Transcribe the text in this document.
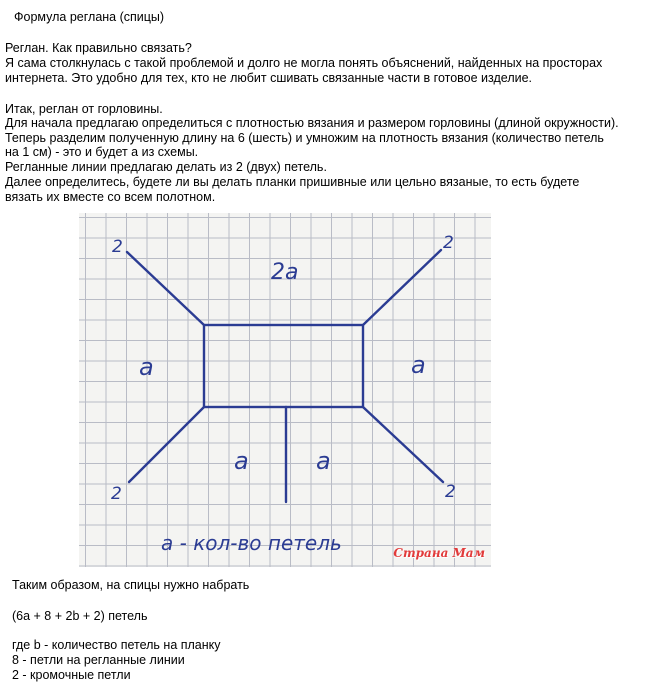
Формула реглана (спицы)
Реглан. Как правильно связать?
Я сама столкнулась с такой проблемой и долго не могла понять объяснений, найденных на просторах
интернета. Это удобно для тех, кто не любит сшивать связанные части в готовое изделие.
Итак, реглан от горловины.
Для начала предлагаю определиться с плотностью вязания и размером горловины (длиной окружности).
Теперь разделим полученную длину на 6 (шесть) и умножим на плотность вязания (количество петель
на 1 см) - это и будет а из схемы.
Регланные линии предлагаю делать из 2 (двух) петель.
Далее определитесь, будете ли вы делать планки пришивные или цельно вязаные, то есть будете
вязать их вместе со всем полотном.
2	2
2	2
2a
a	a
a	a
а - кол-во петель	Страна Мам
Таким образом, на спицы нужно набрать
(6a + 8 + 2b + 2) петель
где b - количество петель на планку
8 - петли на регланные линии
2 - кромочные петли
